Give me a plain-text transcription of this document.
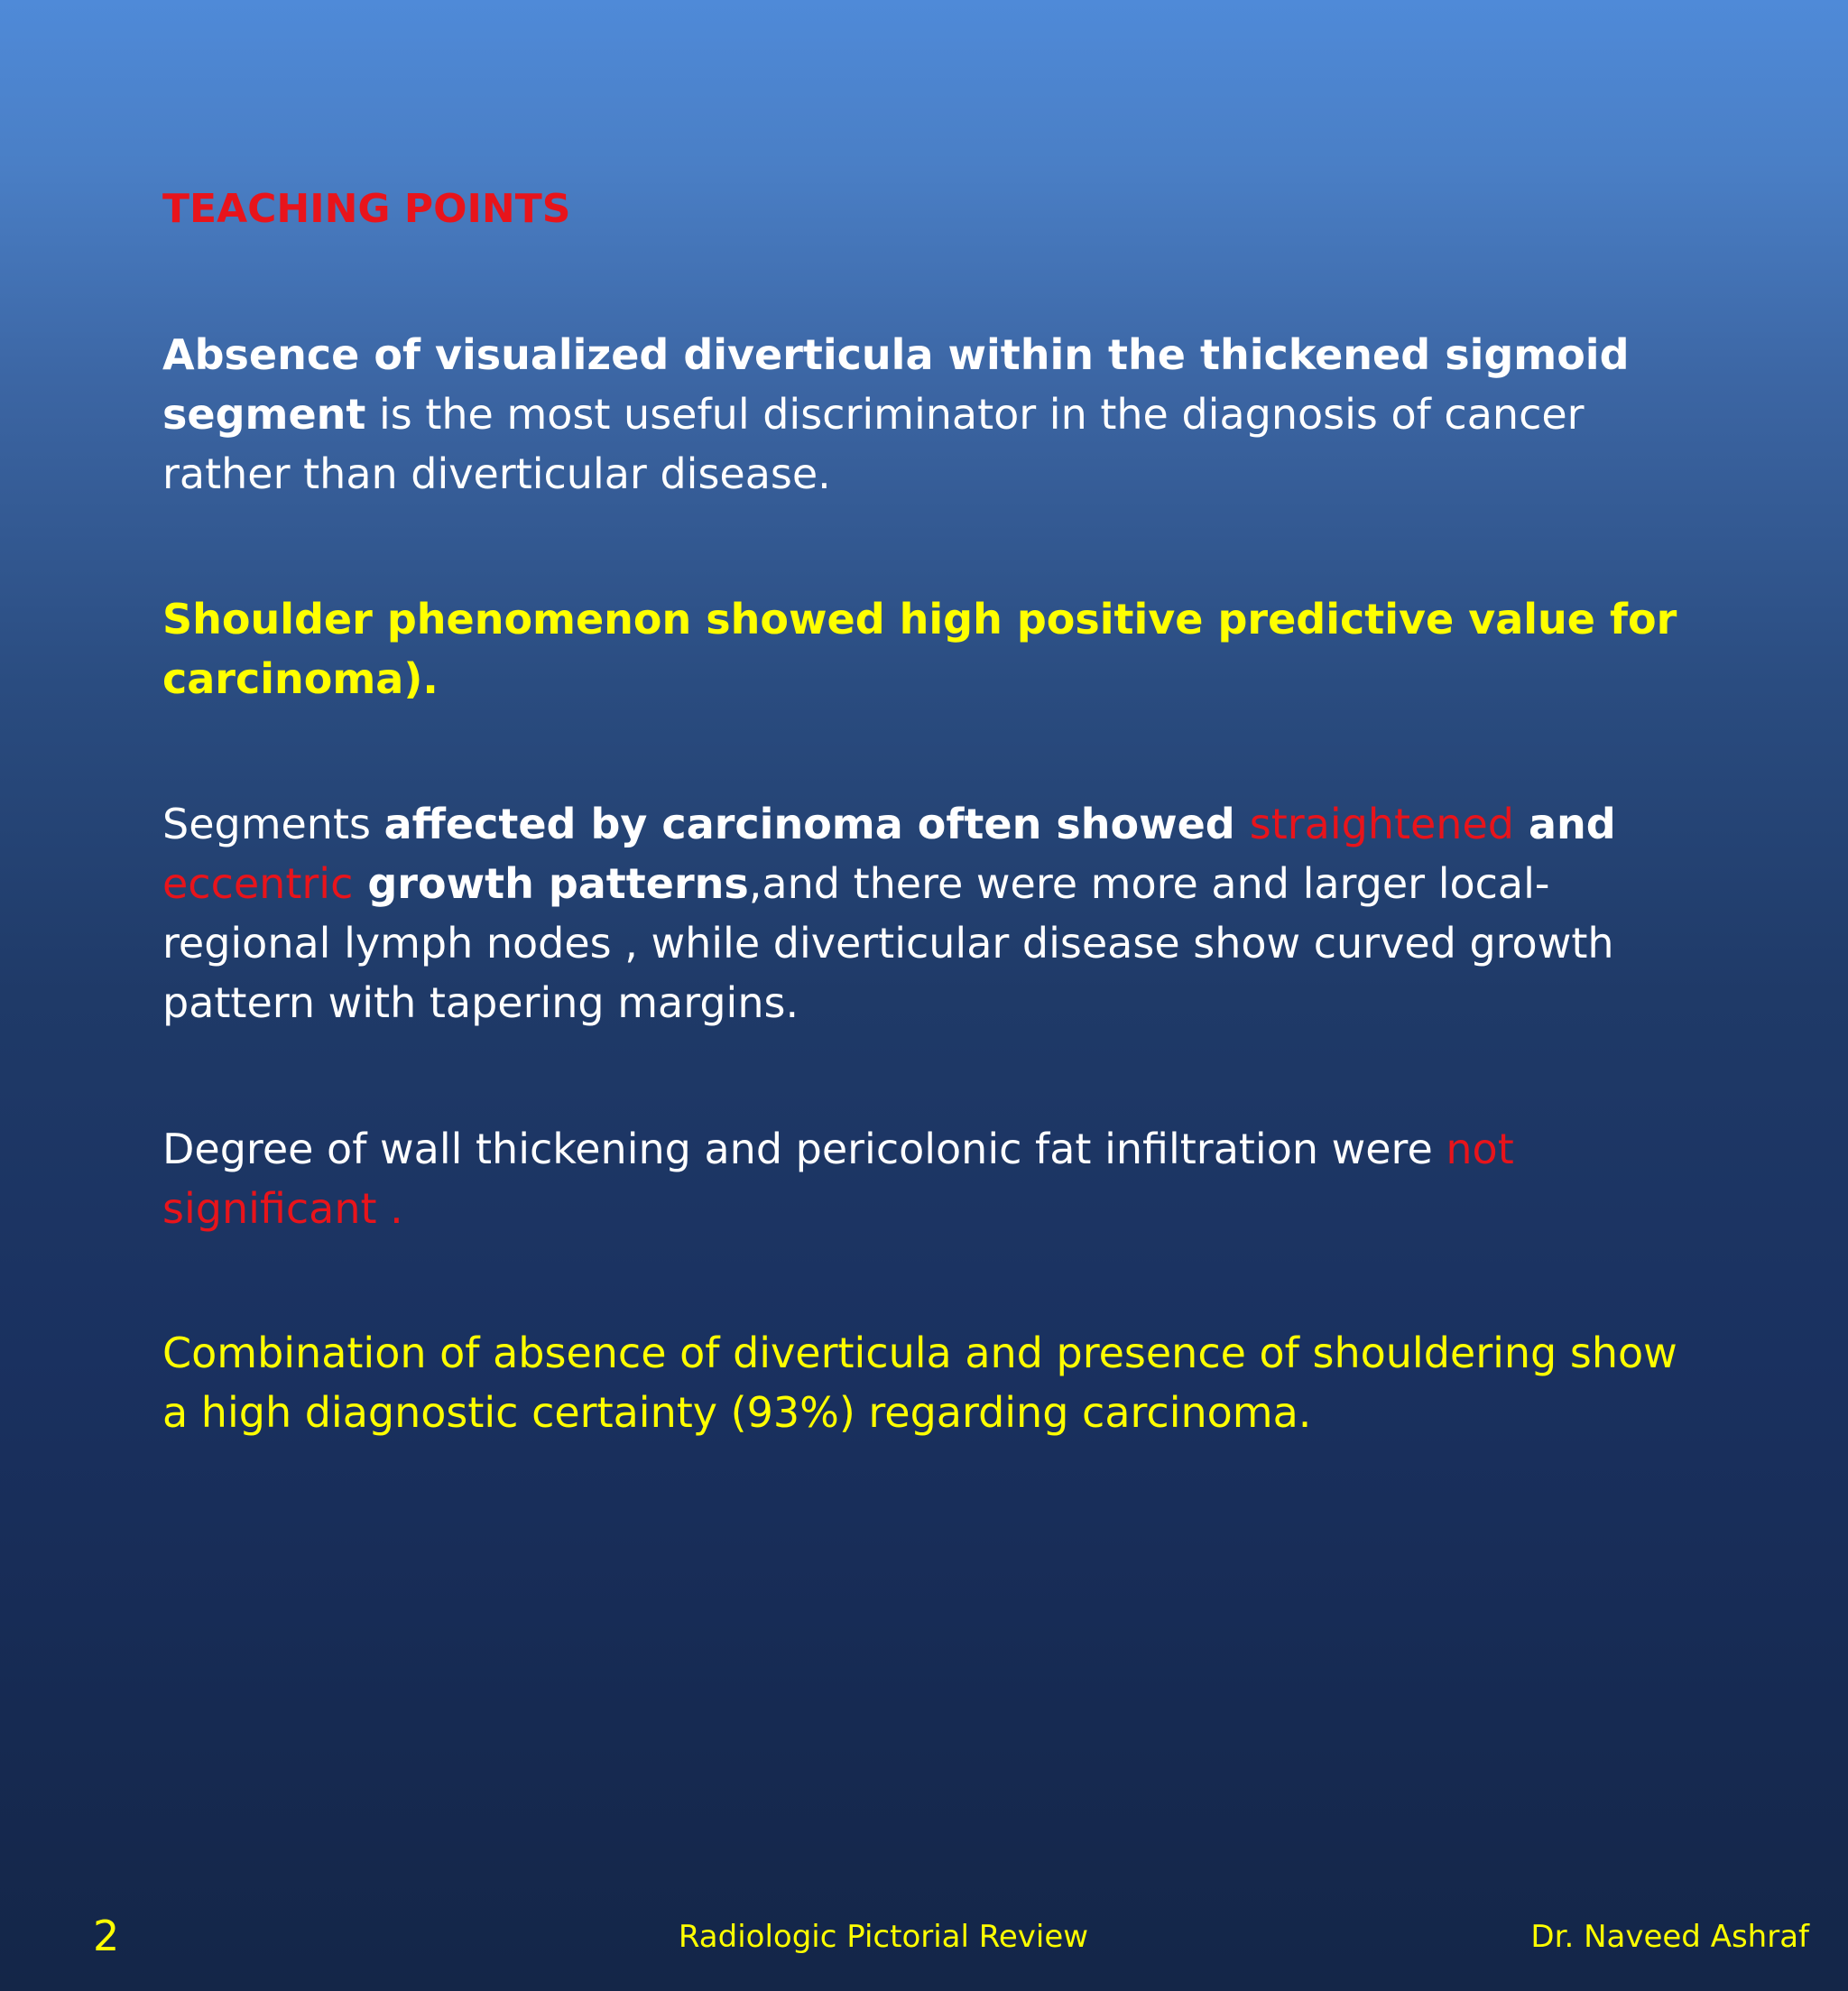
TEACHING POINTS
Absence of visualized diverticula within the thickened sigmoid segment is the most useful discriminator in the diagnosis of cancer rather than diverticular disease.
Shoulder phenomenon showed high positive predictive value for carcinoma).
Segments affected by carcinoma often showed straightened and
eccentric growth patterns,and there were more and larger local-regional lymph nodes , while diverticular disease show curved growth pattern with tapering margins.
Degree of wall thickening and pericolonic fat infiltration were not significant .
Combination of absence of diverticula and presence of shouldering show a high diagnostic certainty (93%) regarding carcinoma.
2	Radiologic Pictorial Review	Dr. Naveed Ashraf
